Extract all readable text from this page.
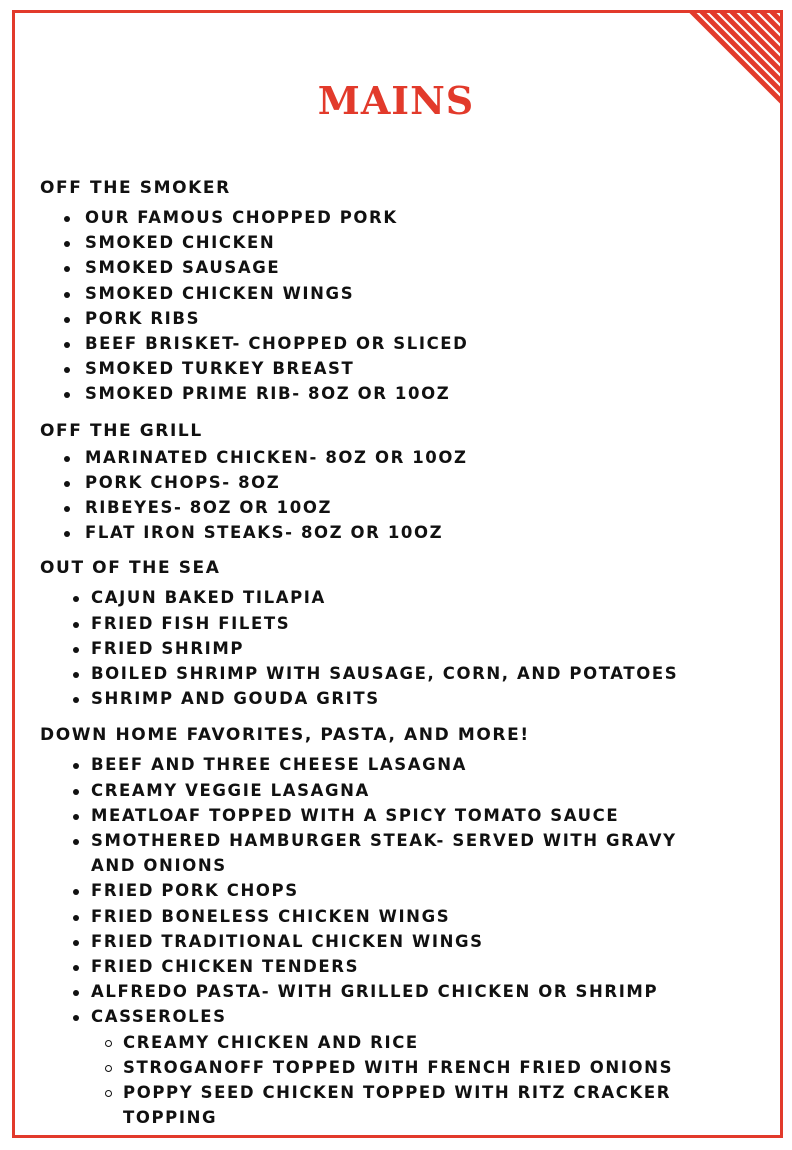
MAINS
OFF THE SMOKER
OUR FAMOUS CHOPPED PORK
SMOKED CHICKEN
SMOKED SAUSAGE
SMOKED CHICKEN WINGS
PORK RIBS
BEEF BRISKET- CHOPPED OR SLICED
SMOKED TURKEY BREAST
SMOKED PRIME RIB- 8OZ OR 10OZ
OFF THE GRILL
MARINATED CHICKEN- 8OZ OR 10OZ
PORK CHOPS- 8OZ
RIBEYES- 8OZ OR 10OZ
FLAT IRON STEAKS- 8OZ OR 10OZ
OUT OF THE SEA
CAJUN BAKED TILAPIA
FRIED FISH FILETS
FRIED SHRIMP
BOILED SHRIMP WITH SAUSAGE, CORN, AND POTATOES
SHRIMP AND GOUDA GRITS
DOWN HOME FAVORITES, PASTA, AND MORE!
BEEF AND THREE CHEESE LASAGNA
CREAMY VEGGIE LASAGNA
MEATLOAF TOPPED WITH A SPICY TOMATO SAUCE
SMOTHERED HAMBURGER STEAK- SERVED WITH GRAVY AND ONIONS
FRIED PORK CHOPS
FRIED BONELESS CHICKEN WINGS
FRIED TRADITIONAL CHICKEN WINGS
FRIED CHICKEN TENDERS
ALFREDO PASTA- WITH GRILLED CHICKEN OR SHRIMP
CASSEROLES
CREAMY CHICKEN AND RICE
STROGANOFF TOPPED WITH FRENCH FRIED ONIONS
POPPY SEED CHICKEN TOPPED WITH RITZ CRACKER TOPPING
